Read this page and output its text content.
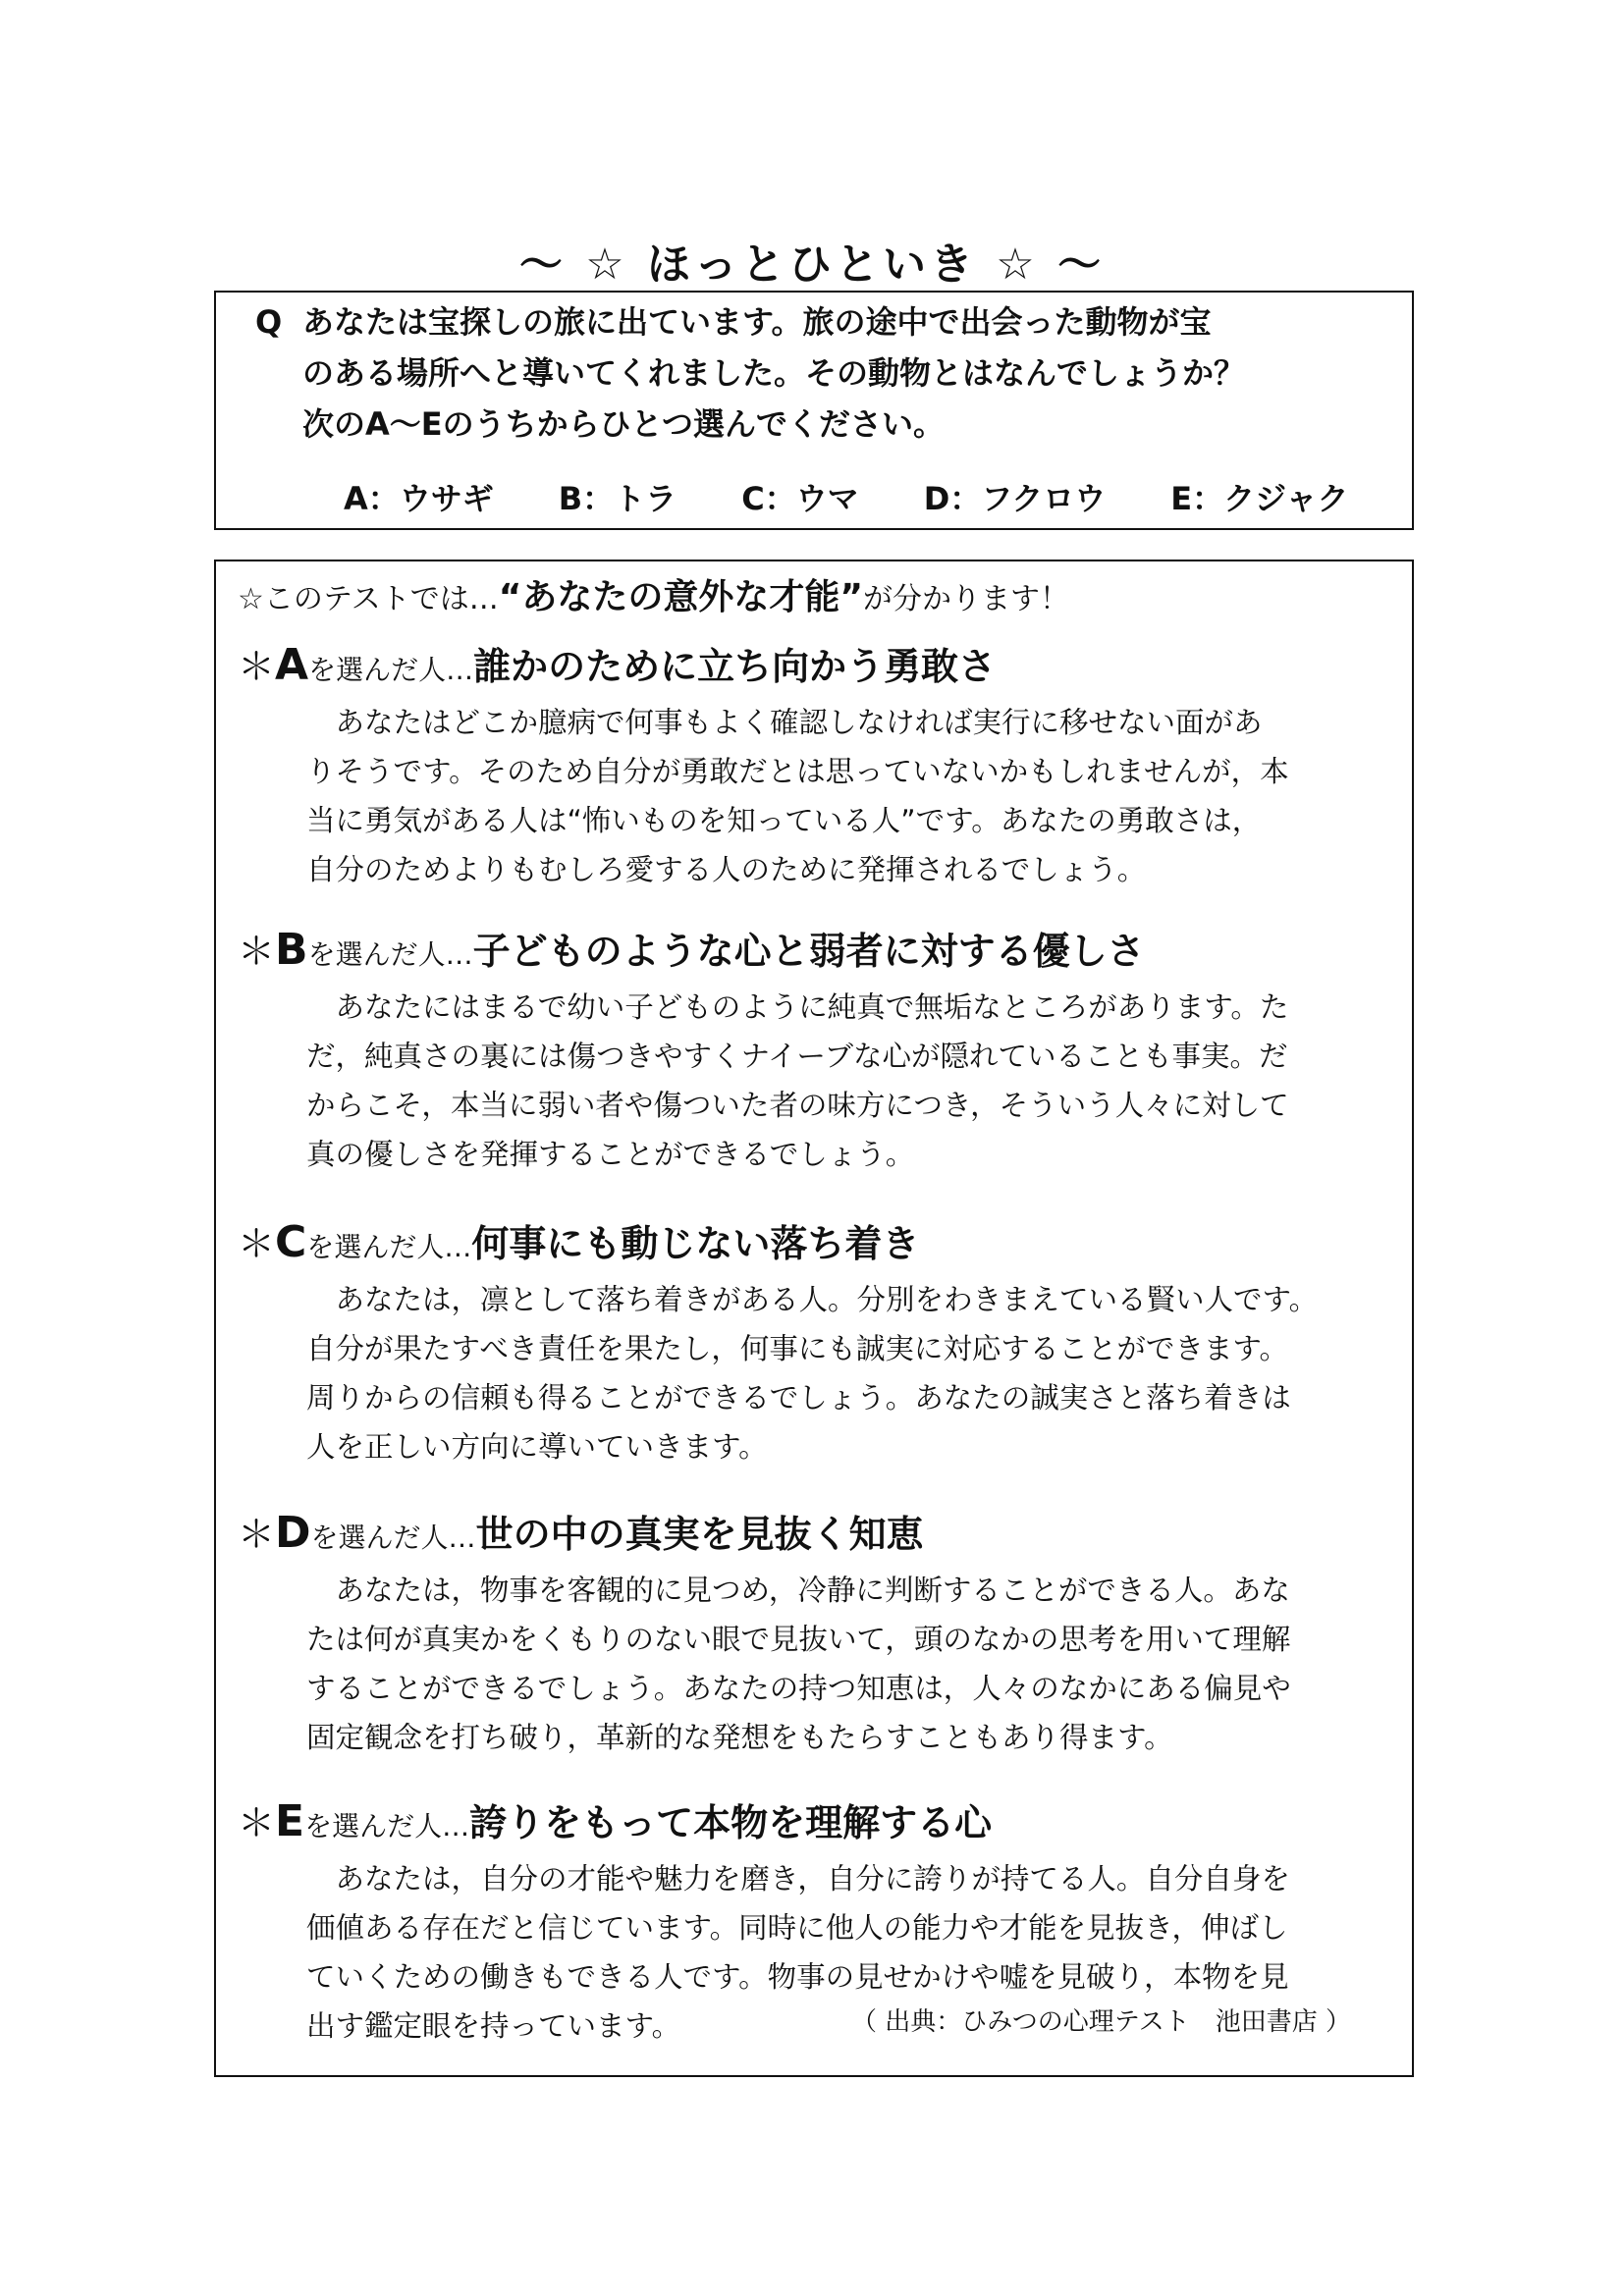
～ ☆ ほっとひといき ☆ ～
Q あなたは宝探しの旅に出ています。旅の途中で出会った動物が宝
のある場所へと導いてくれました。その動物とはなんでしょうか？
次のA～Eのうちからひとつ選んでください。
A：ウサギ B：トラ C：ウマ D：フクロウ E：クジャク
☆このテストでは…“あなたの意外な才能”が分かります！
＊Aを選んだ人…誰かのために立ち向かう勇敢さ

　あなたはどこか臆病で何事もよく確認しなければ実行に移せない面があ

りそうです。そのため自分が勇敢だとは思っていないかもしれませんが，本

当に勇気がある人は“怖いものを知っている人”です。あなたの勇敢さは，

自分のためよりもむしろ愛する人のために発揮されるでしょう。

＊Bを選んだ人…子どものような心と弱者に対する優しさ

　あなたにはまるで幼い子どものように純真で無垢なところがあります。た

だ，純真さの裏には傷つきやすくナイーブな心が隠れていることも事実。だ

からこそ，本当に弱い者や傷ついた者の味方につき，そういう人々に対して

真の優しさを発揮することができるでしょう。

＊Cを選んだ人…何事にも動じない落ち着き

　あなたは，凛として落ち着きがある人。分別をわきまえている賢い人です。

自分が果たすべき責任を果たし，何事にも誠実に対応することができます。

周りからの信頼も得ることができるでしょう。あなたの誠実さと落ち着きは

人を正しい方向に導いていきます。

＊Dを選んだ人…世の中の真実を見抜く知恵

　あなたは，物事を客観的に見つめ，冷静に判断することができる人。あな

たは何が真実かをくもりのない眼で見抜いて，頭のなかの思考を用いて理解

することができるでしょう。あなたの持つ知恵は，人々のなかにある偏見や

固定観念を打ち破り，革新的な発想をもたらすこともあり得ます。

＊Eを選んだ人…誇りをもって本物を理解する心

　あなたは，自分の才能や魅力を磨き，自分に誇りが持てる人。自分自身を

価値ある存在だと信じています。同時に他人の能力や才能を見抜き，伸ばし

ていくための働きもできる人です。物事の見せかけや嘘を見破り，本物を見

出す鑑定眼を持っています。	（ 出典：ひみつの心理テスト　池田書店 ）
